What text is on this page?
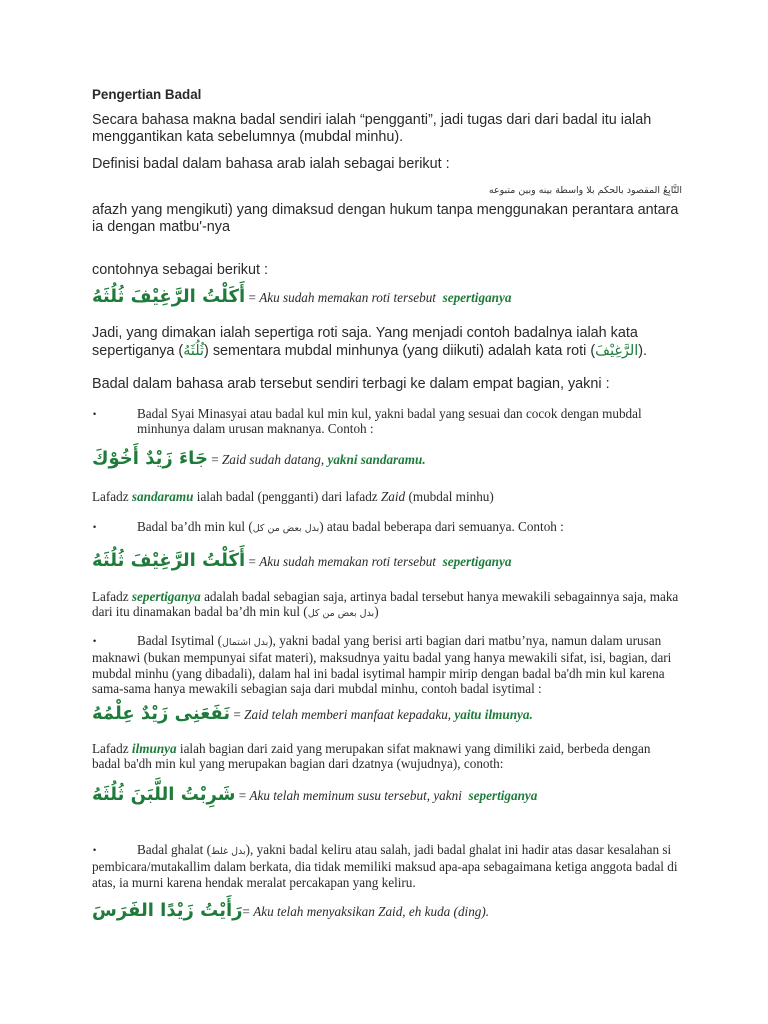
Pengertian Badal
Secara bahasa makna badal sendiri ialah “pengganti”, jadi tugas dari dari badal itu ialah menggantikan kata sebelumnya (mubdal minhu).
Definisi badal dalam bahasa arab ialah sebagai berikut :
التَّابِعُ المقصود بالحكم بلا واسطة بينه وبين متبوعه
afazh yang mengikuti) yang dimaksud dengan hukum tanpa menggunakan perantara antara ia dengan matbu'-nya
contohnya sebagai berikut :
أَكَلْتُ الرَّغِيْفَ ثُلُثَهُ = Aku sudah memakan roti tersebut  sepertiganya
Jadi, yang dimakan ialah sepertiga roti saja. Yang menjadi contoh badalnya ialah kata sepertiganya (ثُلُثَهُ) sementara mubdal minhunya (yang diikuti) adalah kata roti (الرَّغِيْفَ).
Badal dalam bahasa arab tersebut sendiri terbagi ke dalam empat bagian, yakni :
•	Badal Syai Minasyai atau badal kul min kul, yakni badal yang sesuai dan cocok dengan mubdal minhunya dalam urusan maknanya. Contoh :
جَاءَ زَيْدٌ أَخُوْكَ = Zaid sudah datang, yakni sandaramu.
Lafadz sandaramu ialah badal (pengganti) dari lafadz Zaid (mubdal minhu)
•	Badal ba’dh min kul (بدل بعض من كل) atau badal beberapa dari semuanya. Contoh :
أَكَلْتُ الرَّغِيْفَ ثُلُثَهُ = Aku sudah memakan roti tersebut  sepertiganya
Lafadz sepertiganya adalah badal sebagian saja, artinya badal tersebut hanya mewakili sebagainnya saja, maka dari itu dinamakan badal ba’dh min kul (بدل بعض من كل)
•	Badal Isytimal (بدل اشتمال), yakni badal yang berisi arti bagian dari matbu’nya, namun dalam urusan maknawi (bukan mempunyai sifat materi), maksudnya yaitu badal yang hanya mewakili sifat, isi, bagian, dari mubdal minhu (yang dibadali), dalam hal ini badal isytimal hampir mirip dengan badal ba'dh min kul karena sama-sama hanya mewakili sebagian saja dari mubdal minhu, contoh badal isytimal :
نَفَعَنِى زَيْدٌ عِلْمُهُ = Zaid telah memberi manfaat kepadaku, yaitu ilmunya.
Lafadz ilmunya ialah bagian dari zaid yang merupakan sifat maknawi yang dimiliki zaid, berbeda dengan badal ba'dh min kul yang merupakan bagian dari dzatnya (wujudnya), conoth:
شَرِبْتُ اللَّبَنَ ثُلُثَهُ = Aku telah meminum susu tersebut, yakni  sepertiganya
•	Badal ghalat (بدل غلط), yakni badal keliru atau salah, jadi badal ghalat ini hadir atas dasar kesalahan si pembicara/mutakallim dalam berkata, dia tidak memiliki maksud apa-apa sebagaimana ketiga anggota badal di atas, ia murni karena hendak meralat percakapan yang keliru.
رَأَيْتُ زَيْدًا الفَرَسَ= Aku telah menyaksikan Zaid, eh kuda (ding).
